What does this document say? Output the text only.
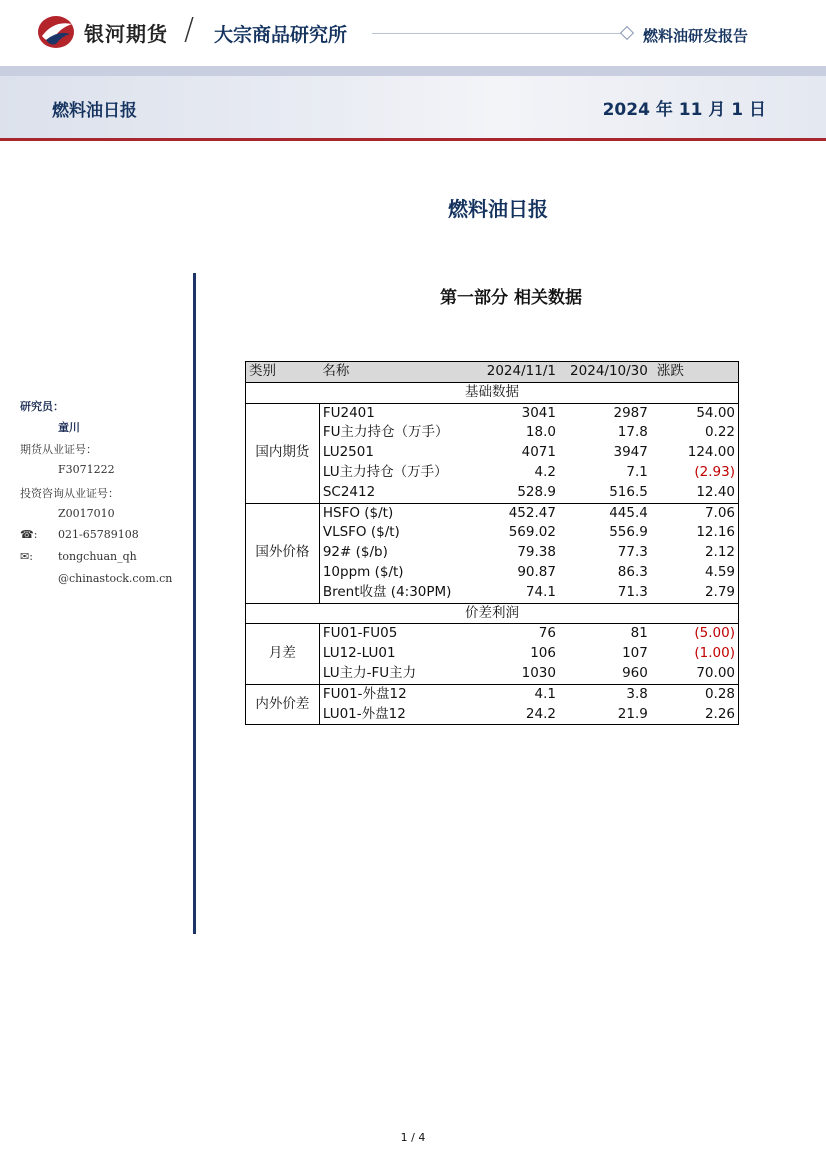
银河期货 / 大宗商品研究所	燃料油研发报告
燃料油日报	2024 年 11 月 1 日
燃料油日报
第一部分 相关数据
研究员：
童川
期货从业证号：
F3071222
投资咨询从业证号：
Z0017010
☎: 021-65789108
✉: tongchuan_qh
@chinastock.com.cn
类别	名称	2024/11/1	2024/10/30	涨跌
基础数据				
国内期货	FU2401	3041	2987	54.00
	FU主力持仓（万手）	18.0	17.8	0.22
	LU2501	4071	3947	124.00
	LU主力持仓（万手）	4.2	7.1	(2.93)
	SC2412	528.9	516.5	12.40
国外价格	HSFO ($/t)	452.47	445.4	7.06
	VLSFO ($/t)	569.02	556.9	12.16
	92# ($/b)	79.38	77.3	2.12
	10ppm ($/t)	90.87	86.3	4.59
	Brent收盘 (4:30PM)	74.1	71.3	2.79
价差利润				
月差	FU01-FU05	76	81	(5.00)
	LU12-LU01	106	107	(1.00)
	LU主力-FU主力	1030	960	70.00
内外价差	FU01-外盘12	4.1	3.8	0.28
	LU01-外盘12	24.2	21.9	2.26
1 / 4
